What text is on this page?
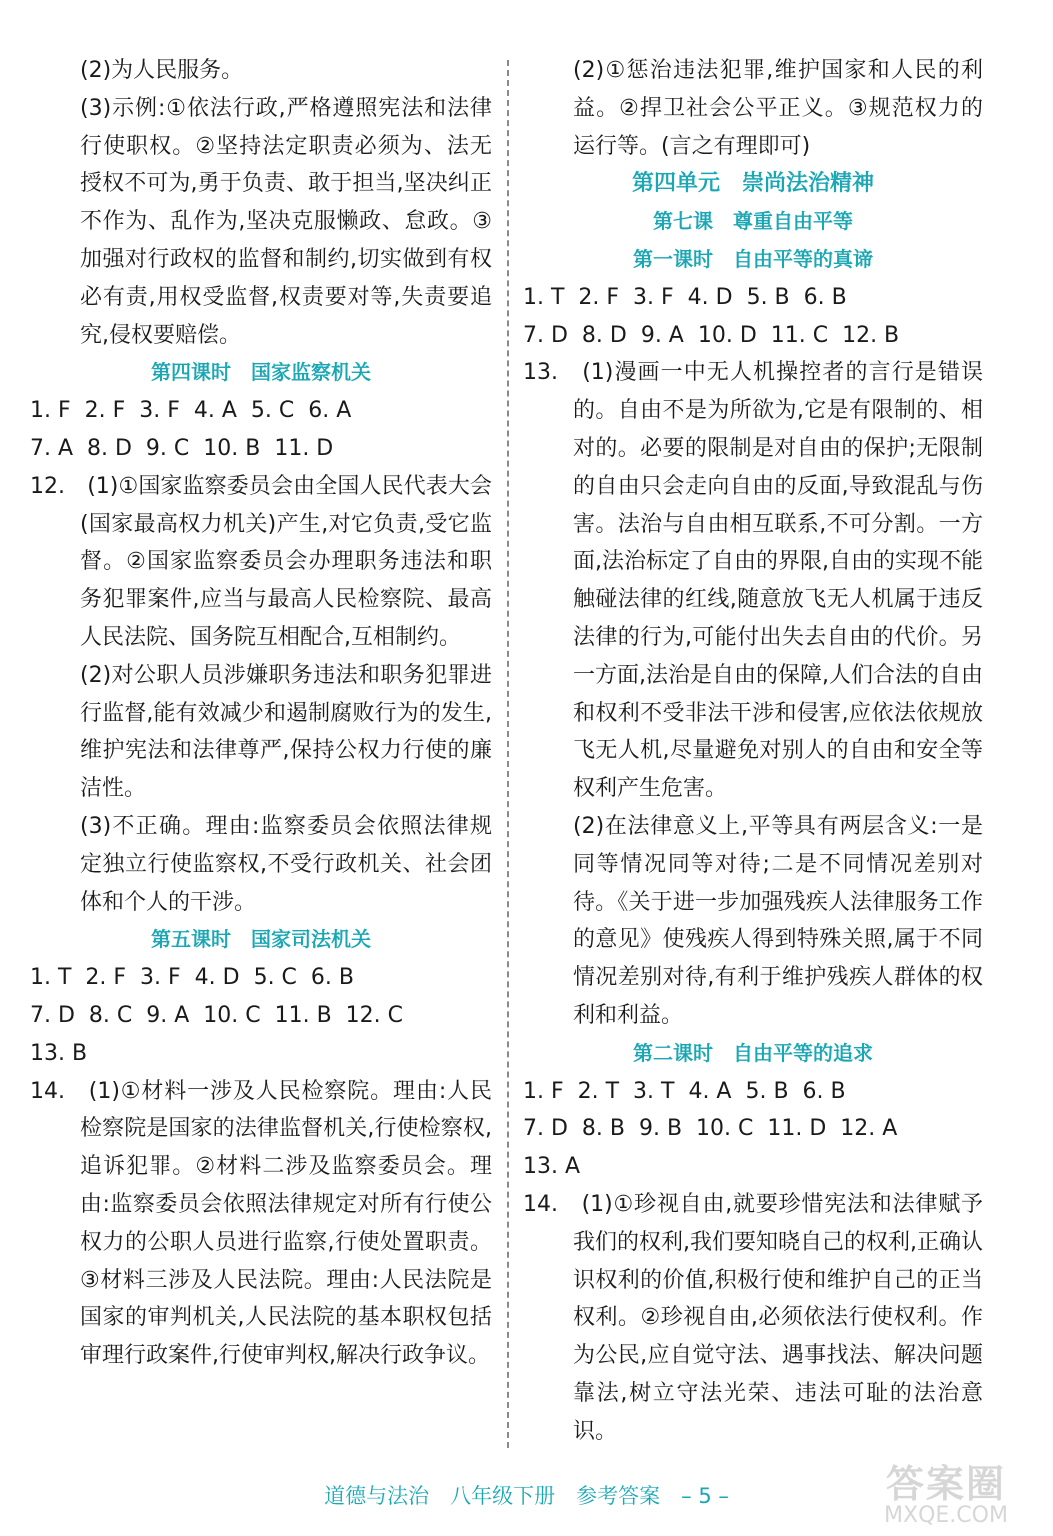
(2)为人民服务。

(3)示例:①依法行政,严格遵照宪法和法律行使职权。②坚持法定职责必须为、法无授权不可为,勇于负责、敢于担当,坚决纠正不作为、乱作为,坚决克服懒政、怠政。③加强对行政权的监督和制约,切实做到有权必有责,用权受监督,权责要对等,失责要追究,侵权要赔偿。

第四课时　国家监察机关

1. F  2. F  3. F  4. A  5. C  6. A

7. A  8. D  9. C  10. B  11. D

12.　(1)①国家监察委员会由全国人民代表大会(国家最高权力机关)产生,对它负责,受它监督。②国家监察委员会办理职务违法和职务犯罪案件,应当与最高人民检察院、最高人民法院、国务院互相配合,互相制约。

(2)对公职人员涉嫌职务违法和职务犯罪进行监督,能有效减少和遏制腐败行为的发生,维护宪法和法律尊严,保持公权力行使的廉洁性。

(3)不正确。理由:监察委员会依照法律规定独立行使监察权,不受行政机关、社会团体和个人的干涉。

第五课时　国家司法机关

1. T  2. F  3. F  4. D  5. C  6. B

7. D  8. C  9. A  10. C  11. B  12. C

13. B

14.　(1)①材料一涉及人民检察院。理由:人民检察院是国家的法律监督机关,行使检察权,追诉犯罪。②材料二涉及监察委员会。理由:监察委员会依照法律规定对所有行使公权力的公职人员进行监察,行使处置职责。③材料三涉及人民法院。理由:人民法院是国家的审判机关,人民法院的基本职权包括审理行政案件,行使审判权,解决行政争议。

(2)①惩治违法犯罪,维护国家和人民的利益。②捍卫社会公平正义。③规范权力的运行等。(言之有理即可)

第四单元　崇尚法治精神

第七课　尊重自由平等

第一课时　自由平等的真谛

1. T  2. F  3. F  4. D  5. B  6. B

7. D  8. D  9. A  10. D  11. C  12. B

13.　(1)漫画一中无人机操控者的言行是错误的。自由不是为所欲为,它是有限制的、相对的。必要的限制是对自由的保护;无限制的自由只会走向自由的反面,导致混乱与伤害。法治与自由相互联系,不可分割。一方面,法治标定了自由的界限,自由的实现不能触碰法律的红线,随意放飞无人机属于违反法律的行为,可能付出失去自由的代价。另一方面,法治是自由的保障,人们合法的自由和权利不受非法干涉和侵害,应依法依规放飞无人机,尽量避免对别人的自由和安全等权利产生危害。

(2)在法律意义上,平等具有两层含义:一是同等情况同等对待;二是不同情况差别对待。《关于进一步加强残疾人法律服务工作的意见》使残疾人得到特殊关照,属于不同情况差别对待,有利于维护残疾人群体的权利和利益。

第二课时　自由平等的追求

1. F  2. T  3. T  4. A  5. B  6. B

7. D  8. B  9. B  10. C  11. D  12. A

13. A

14.　(1)①珍视自由,就要珍惜宪法和法律赋予我们的权利,我们要知晓自己的权利,正确认识权利的价值,积极行使和维护自己的正当权利。②珍视自由,必须依法行使权利。作为公民,应自觉守法、遇事找法、解决问题靠法,树立守法光荣、违法可耻的法治意识。

道德与法治　八年级下册　参考答案　– 5 –	答案圈
MXQE.COM
